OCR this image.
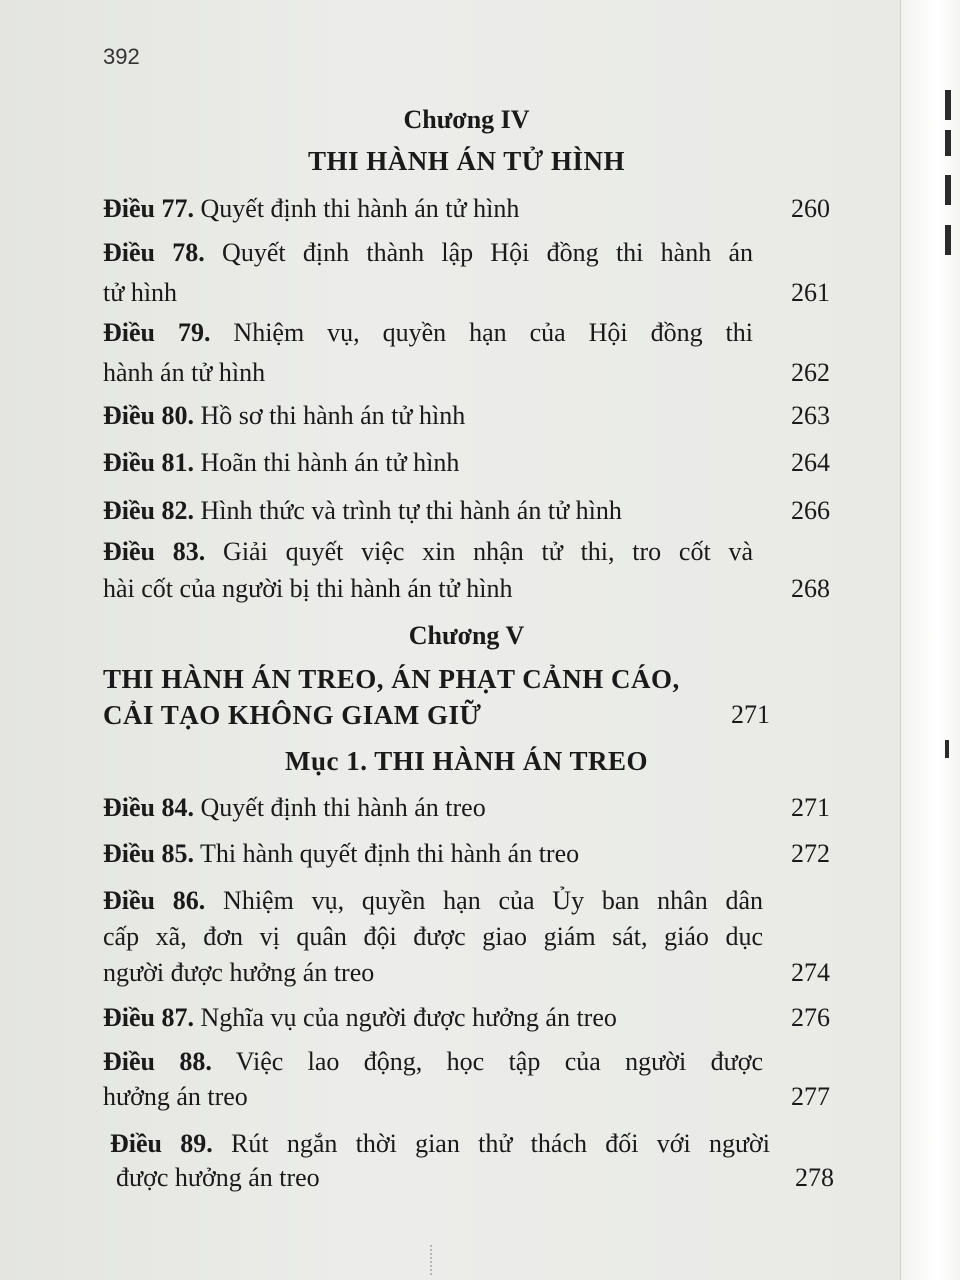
392
Chương IV
THI HÀNH ÁN TỬ HÌNH
Điều 77. Quyết định thi hành án tử hình	260
Điều 78. Quyết định thành lập Hội đồng thi hành án
tử hình	261
Điều 79. Nhiệm vụ, quyền hạn của Hội đồng thi
hành án tử hình	262
Điều 80. Hồ sơ thi hành án tử hình	263
Điều 81. Hoãn thi hành án tử hình	264
Điều 82. Hình thức và trình tự thi hành án tử hình	266
Điều 83. Giải quyết việc xin nhận tử thi, tro cốt và
hài cốt của người bị thi hành án tử hình	268
Chương V
THI HÀNH ÁN TREO, ÁN PHẠT CẢNH CÁO,
CẢI TẠO KHÔNG GIAM GIỮ	271
Mục 1. THI HÀNH ÁN TREO
Điều 84. Quyết định thi hành án treo	271
Điều 85. Thi hành quyết định thi hành án treo	272
Điều 86. Nhiệm vụ, quyền hạn của Ủy ban nhân dân
cấp xã, đơn vị quân đội được giao giám sát, giáo dục
người được hưởng án treo	274
Điều 87. Nghĩa vụ của người được hưởng án treo	276
Điều 88. Việc lao động, học tập của người được
hưởng án treo	277
Điều 89. Rút ngắn thời gian thử thách đối với người
được hưởng án treo	278
